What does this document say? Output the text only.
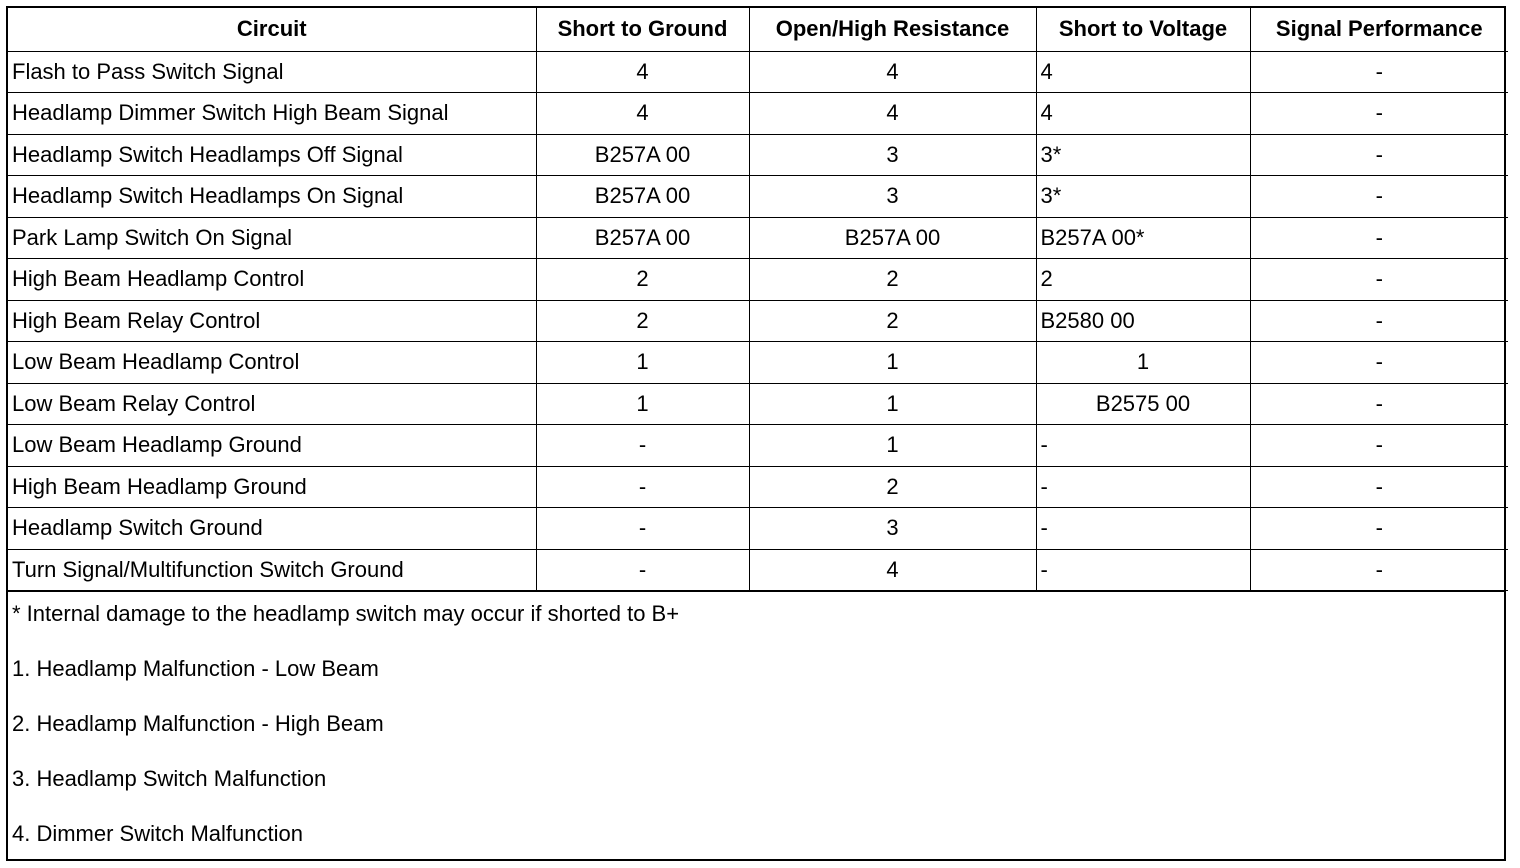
Circuit	Short to Ground	Open/High Resistance	Short to Voltage	Signal Performance
Flash to Pass Switch Signal	4	4	4	-
Headlamp Dimmer Switch High Beam Signal	4	4	4	-
Headlamp Switch Headlamps Off Signal	B257A 00	3	3*	-
Headlamp Switch Headlamps On Signal	B257A 00	3	3*	-
Park Lamp Switch On Signal	B257A 00	B257A 00	B257A 00*	-
High Beam Headlamp Control	2	2	2	-
High Beam Relay Control	2	2	B2580 00	-
Low Beam Headlamp Control	1	1	1	-
Low Beam Relay Control	1	1	B2575 00	-
Low Beam Headlamp Ground	-	1	-	-
High Beam Headlamp Ground	-	2	-	-
Headlamp Switch Ground	-	3	-	-
Turn Signal/Multifunction Switch Ground	-	4	-	-
* Internal damage to the headlamp switch may occur if shorted to B+
1. Headlamp Malfunction - Low Beam
2. Headlamp Malfunction - High Beam
3. Headlamp Switch Malfunction
4. Dimmer Switch Malfunction
